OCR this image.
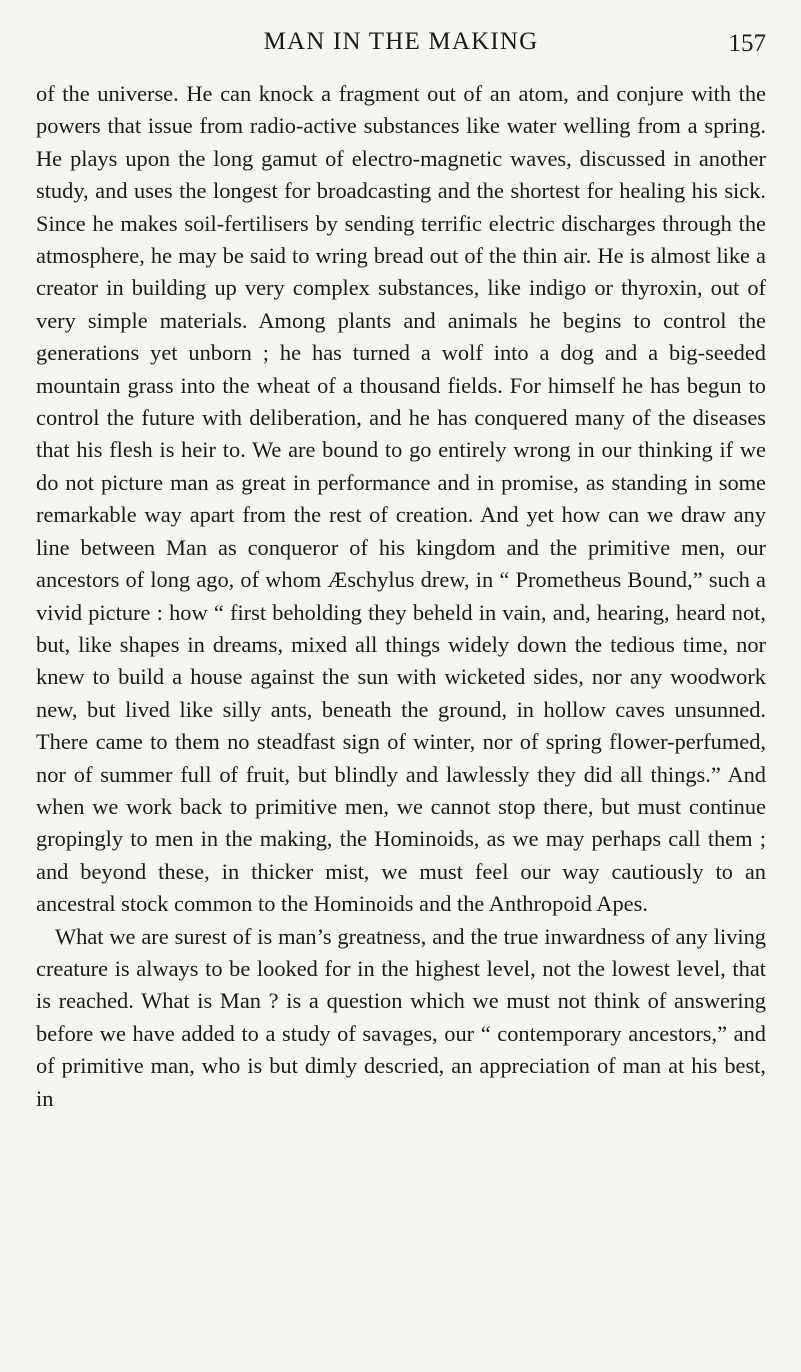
MAN IN THE MAKING	157

of the universe. He can knock a fragment out of an atom, and conjure with the powers that issue from radio-active substances like water welling from a spring. He plays upon the long gamut of electro-magnetic waves, discussed in another study, and uses the longest for broadcasting and the shortest for healing his sick. Since he makes soil-fertilisers by sending terrific electric discharges through the atmosphere, he may be said to wring bread out of the thin air. He is almost like a creator in building up very complex substances, like indigo or thyroxin, out of very simple materials. Among plants and animals he begins to control the generations yet unborn ; he has turned a wolf into a dog and a big-seeded mountain grass into the wheat of a thousand fields. For himself he has begun to control the future with deliberation, and he has conquered many of the diseases that his flesh is heir to. We are bound to go entirely wrong in our thinking if we do not picture man as great in performance and in promise, as standing in some remarkable way apart from the rest of creation. And yet how can we draw any line between Man as conqueror of his kingdom and the primitive men, our ancestors of long ago, of whom Æschylus drew, in “ Prometheus Bound,” such a vivid picture : how “ first beholding they beheld in vain, and, hearing, heard not, but, like shapes in dreams, mixed all things widely down the tedious time, nor knew to build a house against the sun with wicketed sides, nor any woodwork new, but lived like silly ants, beneath the ground, in hollow caves unsunned. There came to them no steadfast sign of winter, nor of spring flower-perfumed, nor of summer full of fruit, but blindly and lawlessly they did all things.” And when we work back to primitive men, we cannot stop there, but must continue gropingly to men in the making, the Hominoids, as we may perhaps call them ; and beyond these, in thicker mist, we must feel our way cautiously to an ancestral stock common to the Hominoids and the Anthropoid Apes.

What we are surest of is man’s greatness, and the true inwardness of any living creature is always to be looked for in the highest level, not the lowest level, that is reached. What is Man ? is a question which we must not think of answering before we have added to a study of savages, our “ contemporary ancestors,” and of primitive man, who is but dimly descried, an appreciation of man at his best, in
